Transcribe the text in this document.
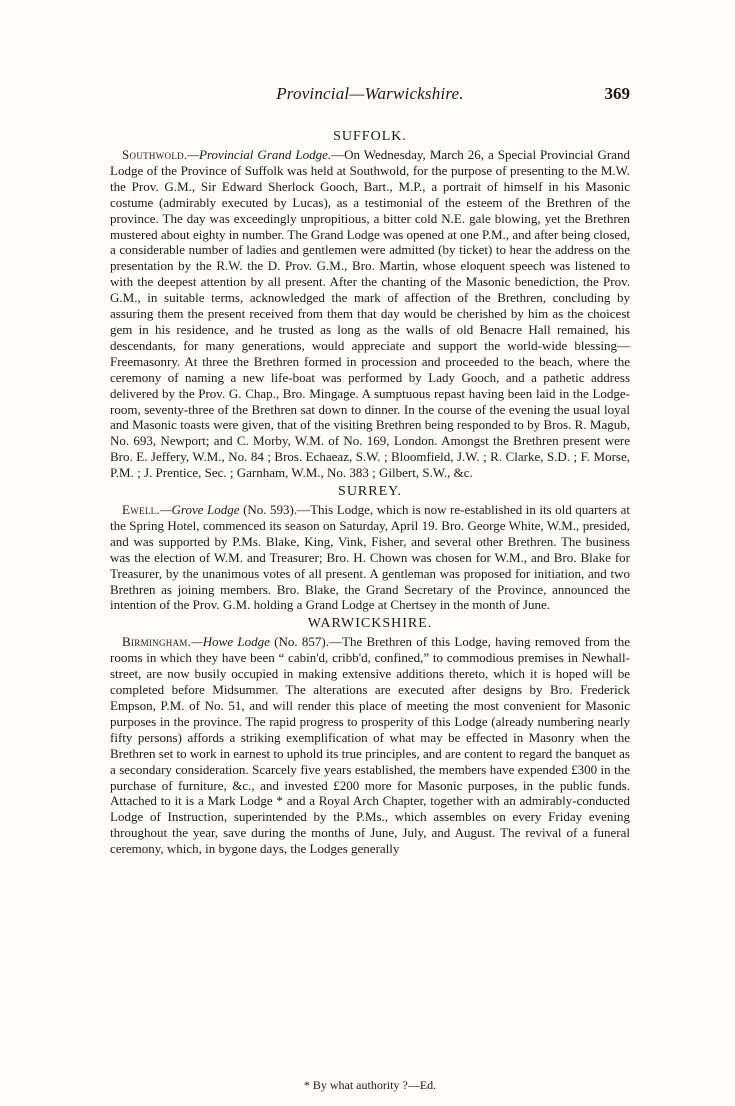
Provincial—Warwickshire.	369
SUFFOLK.

Southwold.—Provincial Grand Lodge.—On Wednesday, March 26, a Special Provincial Grand Lodge of the Province of Suffolk was held at Southwold, for the purpose of presenting to the M.W. the Prov. G.M., Sir Edward Sherlock Gooch, Bart., M.P., a portrait of himself in his Masonic costume (admirably executed by Lucas), as a testimonial of the esteem of the Brethren of the province. The day was exceedingly unpropitious, a bitter cold N.E. gale blowing, yet the Brethren mustered about eighty in number. The Grand Lodge was opened at one P.M., and after being closed, a considerable number of ladies and gentlemen were admitted (by ticket) to hear the address on the presentation by the R.W. the D. Prov. G.M., Bro. Martin, whose eloquent speech was listened to with the deepest attention by all present. After the chanting of the Masonic benediction, the Prov. G.M., in suitable terms, acknowledged the mark of affection of the Brethren, concluding by assuring them the present received from them that day would be cherished by him as the choicest gem in his residence, and he trusted as long as the walls of old Benacre Hall remained, his descendants, for many generations, would appreciate and support the world-wide blessing—Freemasonry. At three the Brethren formed in procession and proceeded to the beach, where the ceremony of naming a new life-boat was performed by Lady Gooch, and a pathetic address delivered by the Prov. G. Chap., Bro. Mingage. A sumptuous repast having been laid in the Lodge-room, seventy-three of the Brethren sat down to dinner. In the course of the evening the usual loyal and Masonic toasts were given, that of the visiting Brethren being responded to by Bros. R. Magub, No. 693, Newport; and C. Morby, W.M. of No. 169, London. Amongst the Brethren present were Bro. E. Jeffery, W.M., No. 84 ; Bros. Echaeaz, S.W. ; Bloomfield, J.W. ; R. Clarke, S.D. ; F. Morse, P.M. ; J. Prentice, Sec. ; Garnham, W.M., No. 383 ; Gilbert, S.W., &c.

SURREY.

Ewell.—Grove Lodge (No. 593).—This Lodge, which is now re-established in its old quarters at the Spring Hotel, commenced its season on Saturday, April 19. Bro. George White, W.M., presided, and was supported by P.Ms. Blake, King, Vink, Fisher, and several other Brethren. The business was the election of W.M. and Treasurer; Bro. H. Chown was chosen for W.M., and Bro. Blake for Treasurer, by the unanimous votes of all present. A gentleman was proposed for initiation, and two Brethren as joining members. Bro. Blake, the Grand Secretary of the Province, announced the intention of the Prov. G.M. holding a Grand Lodge at Chertsey in the month of June.

WARWICKSHIRE.

Birmingham.—Howe Lodge (No. 857).—The Brethren of this Lodge, having removed from the rooms in which they have been “ cabin'd, cribb'd, confined,” to commodious premises in Newhall-street, are now busily occupied in making extensive additions thereto, which it is hoped will be completed before Midsummer. The alterations are executed after designs by Bro. Frederick Empson, P.M. of No. 51, and will render this place of meeting the most convenient for Masonic purposes in the province. The rapid progress to prosperity of this Lodge (already numbering nearly fifty persons) affords a striking exemplification of what may be effected in Masonry when the Brethren set to work in earnest to uphold its true principles, and are content to regard the banquet as a secondary consideration. Scarcely five years established, the members have expended £300 in the purchase of furniture, &c., and invested £200 more for Masonic purposes, in the public funds. Attached to it is a Mark Lodge * and a Royal Arch Chapter, together with an admirably-conducted Lodge of Instruction, superintended by the P.Ms., which assembles on every Friday evening throughout the year, save during the months of June, July, and August. The revival of a funeral ceremony, which, in bygone days, the Lodges generally

* By what authority ?—Ed.
